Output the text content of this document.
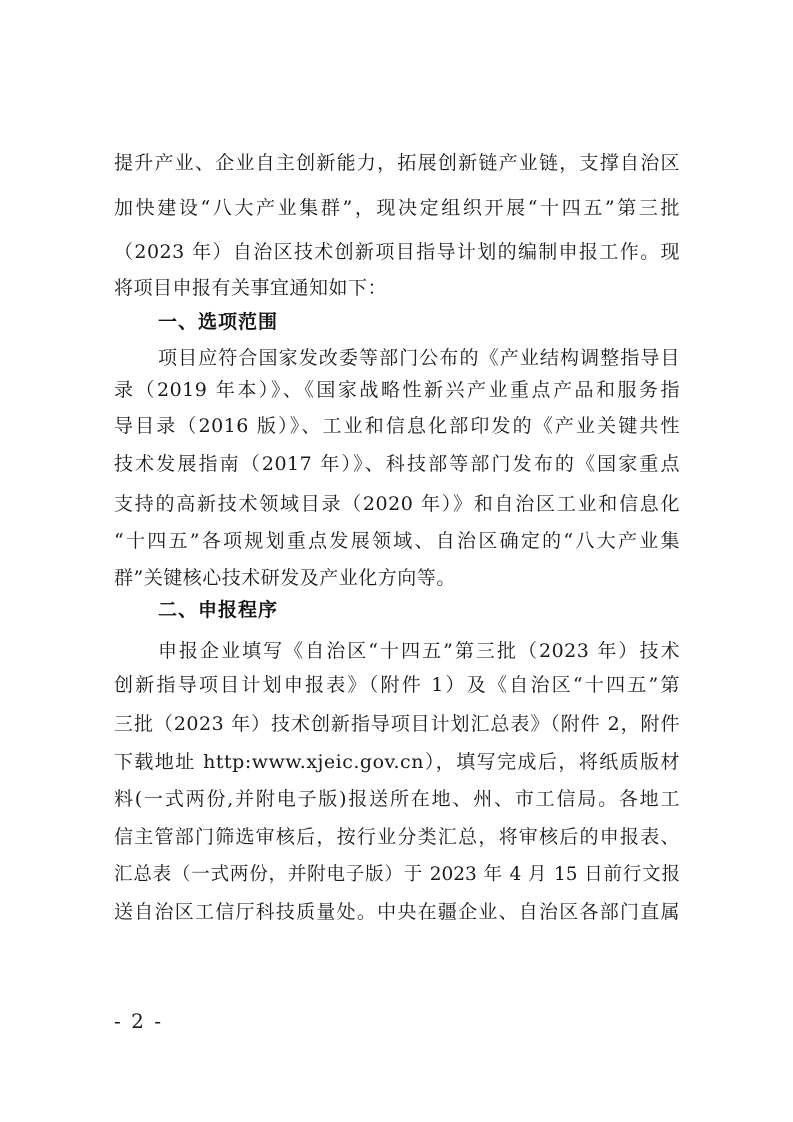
提升产业、企业自主创新能力，拓展创新链产业链，支撑自治区
加快建设“八大产业集群”，现决定组织开展“十四五”第三批
（2023 年）自治区技术创新项目指导计划的编制申报工作。现
将项目申报有关事宜通知如下：
一、选项范围
项目应符合国家发改委等部门公布的《产业结构调整指导目
录（2019 年本）》、《国家战略性新兴产业重点产品和服务指
导目录（2016 版）》、工业和信息化部印发的《产业关键共性
技术发展指南（2017 年）》、科技部等部门发布的《国家重点
支持的高新技术领域目录（2020 年）》和自治区工业和信息化
“十四五”各项规划重点发展领域、自治区确定的“八大产业集
群”关键核心技术研发及产业化方向等。
二、申报程序
申报企业填写《自治区“十四五”第三批（2023 年）技术
创新指导项目计划申报表》（附件 1）及《自治区“十四五”第
三批（2023 年）技术创新指导项目计划汇总表》（附件 2，附件
下载地址 http:www.xjeic.gov.cn），填写完成后，将纸质版材
料(一式两份,并附电子版)报送所在地、州、市工信局。各地工
信主管部门筛选审核后，按行业分类汇总，将审核后的申报表、
汇总表（一式两份，并附电子版）于 2023 年 4 月 15 日前行文报
送自治区工信厅科技质量处。中央在疆企业、自治区各部门直属
- 2 -
